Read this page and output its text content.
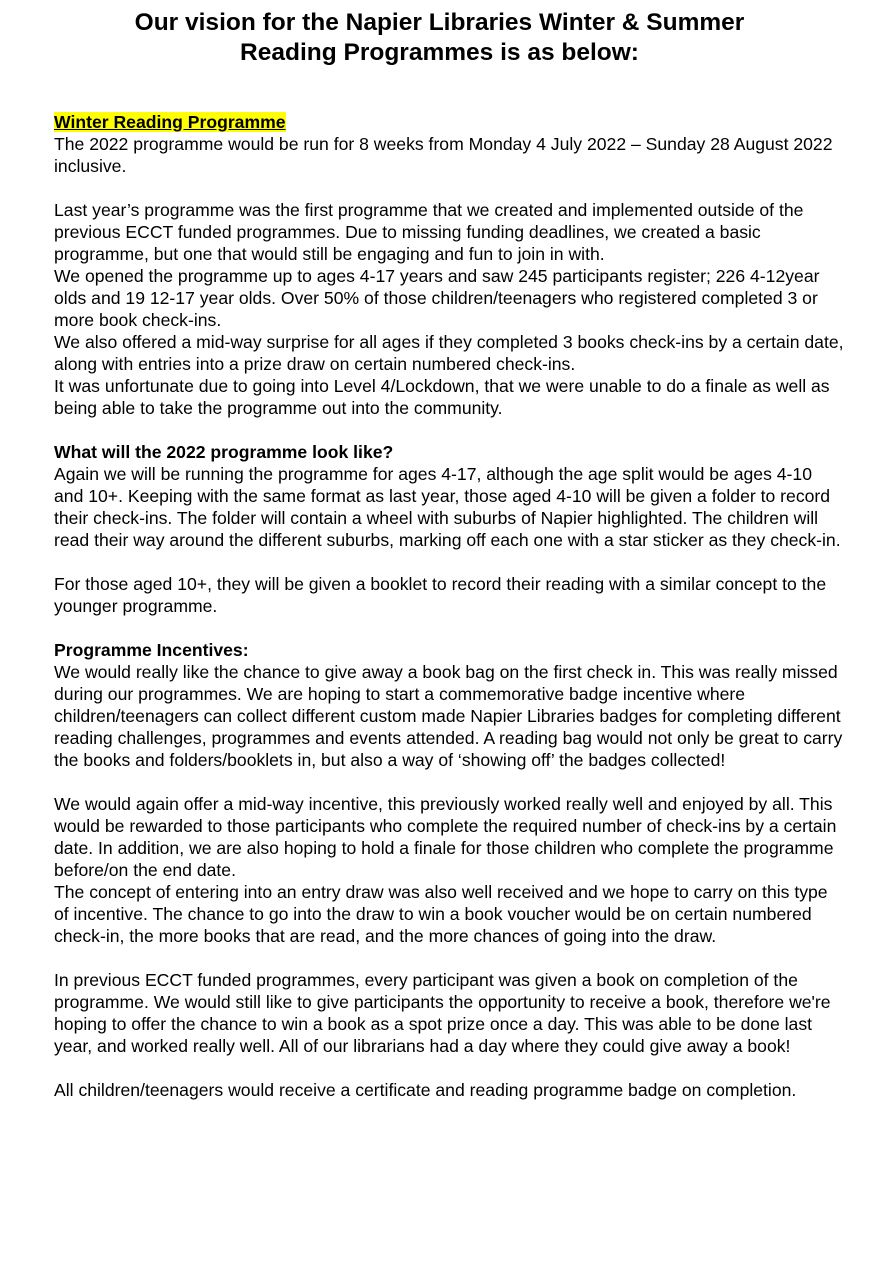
Our vision for the Napier Libraries Winter & Summer
Reading Programmes is as below:

Winter Reading Programme

The 2022 programme would be run for 8 weeks from Monday 4 July 2022 – Sunday 28 August 2022 inclusive.

Last year’s programme was the first programme that we created and implemented outside of the previous ECCT funded programmes. Due to missing funding deadlines, we created a basic programme, but one that would still be engaging and fun to join in with.

We opened the programme up to ages 4-17 years and saw 245 participants register; 226 4-12year olds and 19 12-17 year olds. Over 50% of those children/teenagers who registered completed 3 or more book check-ins.

We also offered a mid-way surprise for all ages if they completed 3 books check-ins by a certain date, along with entries into a prize draw on certain numbered check-ins.

It was unfortunate due to going into Level 4/Lockdown, that we were unable to do a finale as well as being able to take the programme out into the community.

What will the 2022 programme look like?

Again we will be running the programme for ages 4-17, although the age split would be ages 4-10 and 10+. Keeping with the same format as last year, those aged 4-10 will be given a folder to record their check-ins. The folder will contain a wheel with suburbs of Napier highlighted. The children will read their way around the different suburbs, marking off each one with a star sticker as they check-in.

For those aged 10+, they will be given a booklet to record their reading with a similar concept to the younger programme.

Programme Incentives:

We would really like the chance to give away a book bag on the first check in. This was really missed during our programmes. We are hoping to start a commemorative badge incentive where children/teenagers can collect different custom made Napier Libraries badges for completing different reading challenges, programmes and events attended. A reading bag would not only be great to carry the books and folders/booklets in, but also a way of ‘showing off’ the badges collected!

We would again offer a mid-way incentive, this previously worked really well and enjoyed by all. This would be rewarded to those participants who complete the required number of check-ins by a certain date. In addition, we are also hoping to hold a finale for those children who complete the programme before/on the end date.

The concept of entering into an entry draw was also well received and we hope to carry on this type of incentive. The chance to go into the draw to win a book voucher would be on certain numbered check-in, the more books that are read, and the more chances of going into the draw.

In previous ECCT funded programmes, every participant was given a book on completion of the programme. We would still like to give participants the opportunity to receive a book, therefore we're hoping to offer the chance to win a book as a spot prize once a day. This was able to be done last year, and worked really well. All of our librarians had a day where they could give away a book!

All children/teenagers would receive a certificate and reading programme badge on completion.
